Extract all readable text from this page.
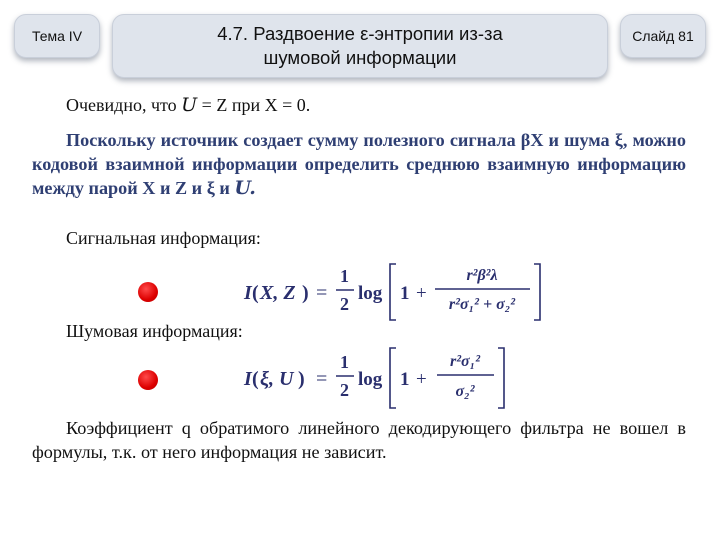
Тема IV	4.7. Раздвоение ε-энтропии из-за шумовой информации
Слайд 81
Очевидно, что U = Z при X = 0.
Поскольку источник создает сумму полезного сигнала βX и шума ξ, можно кодовой взаимной информации определить среднюю взаимную информацию между парой X и Z и ξ и U.
Сигнальная информация:
I ( X, Z ) =
1
2 log 1 +
r²β²λ
r²σ₁² + σ₂²
Шумовая информация:
I ( ξ, U ) =
1
2 log 1 +
r²σ₁²
σ₂²
Коэффициент q обратимого линейного декодирующего фильтра не вошел в формулы, т.к. от него информация не зависит.
